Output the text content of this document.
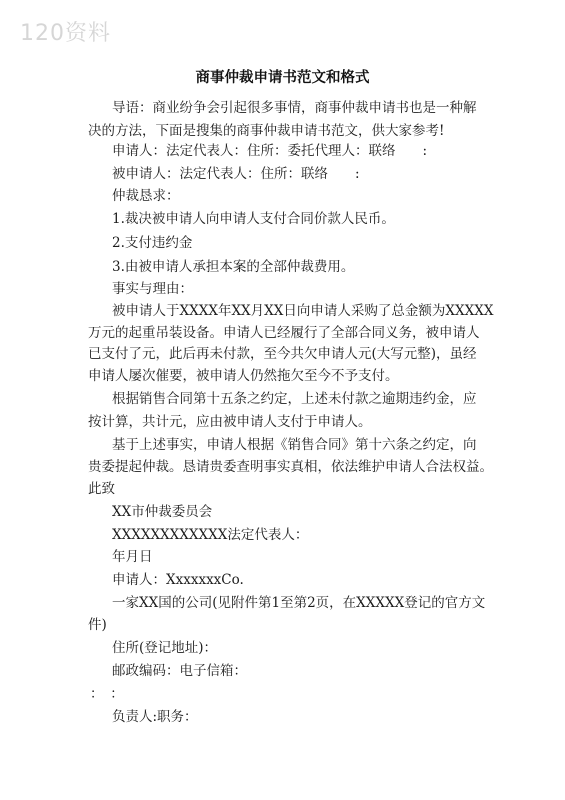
120资料
商事仲裁申请书范文和格式
导语：商业纷争会引起很多事情，商事仲裁申请书也是一种解
决的方法，下面是搜集的商事仲裁申请书范文，供大家参考!
申请人：法定代表人：住所：委托代理人：联络　　:
被申请人：法定代表人：住所：联络　　:
仲裁恳求：
1.裁决被申请人向申请人支付合同价款人民币。
2.支付违约金
3.由被申请人承担本案的全部仲裁费用。
事实与理由：
被申请人于XXXX年XX月XX日向申请人采购了总金额为XXXXX
万元的起重吊装设备。申请人已经履行了全部合同义务，被申请人
已支付了元，此后再未付款，至今共欠申请人元(大写元整)，虽经
申请人屡次催要，被申请人仍然拖欠至今不予支付。
根据销售合同第十五条之约定，上述未付款之逾期违约金，应
按计算，共计元，应由被申请人支付于申请人。
基于上述事实，申请人根据《销售合同》第十六条之约定，向
贵委提起仲裁。恳请贵委查明事实真相，依法维护申请人合法权益。
此致
XX市仲裁委员会
XXXXXXXXXXXX法定代表人：
年月日
申请人：XxxxxxxCo.
一家XX国的公司(见附件第1至第2页，在XXXXX登记的官方文
件)
住所(登记地址)：
邮政编码：电子信箱：
：　：
负责人:职务：
